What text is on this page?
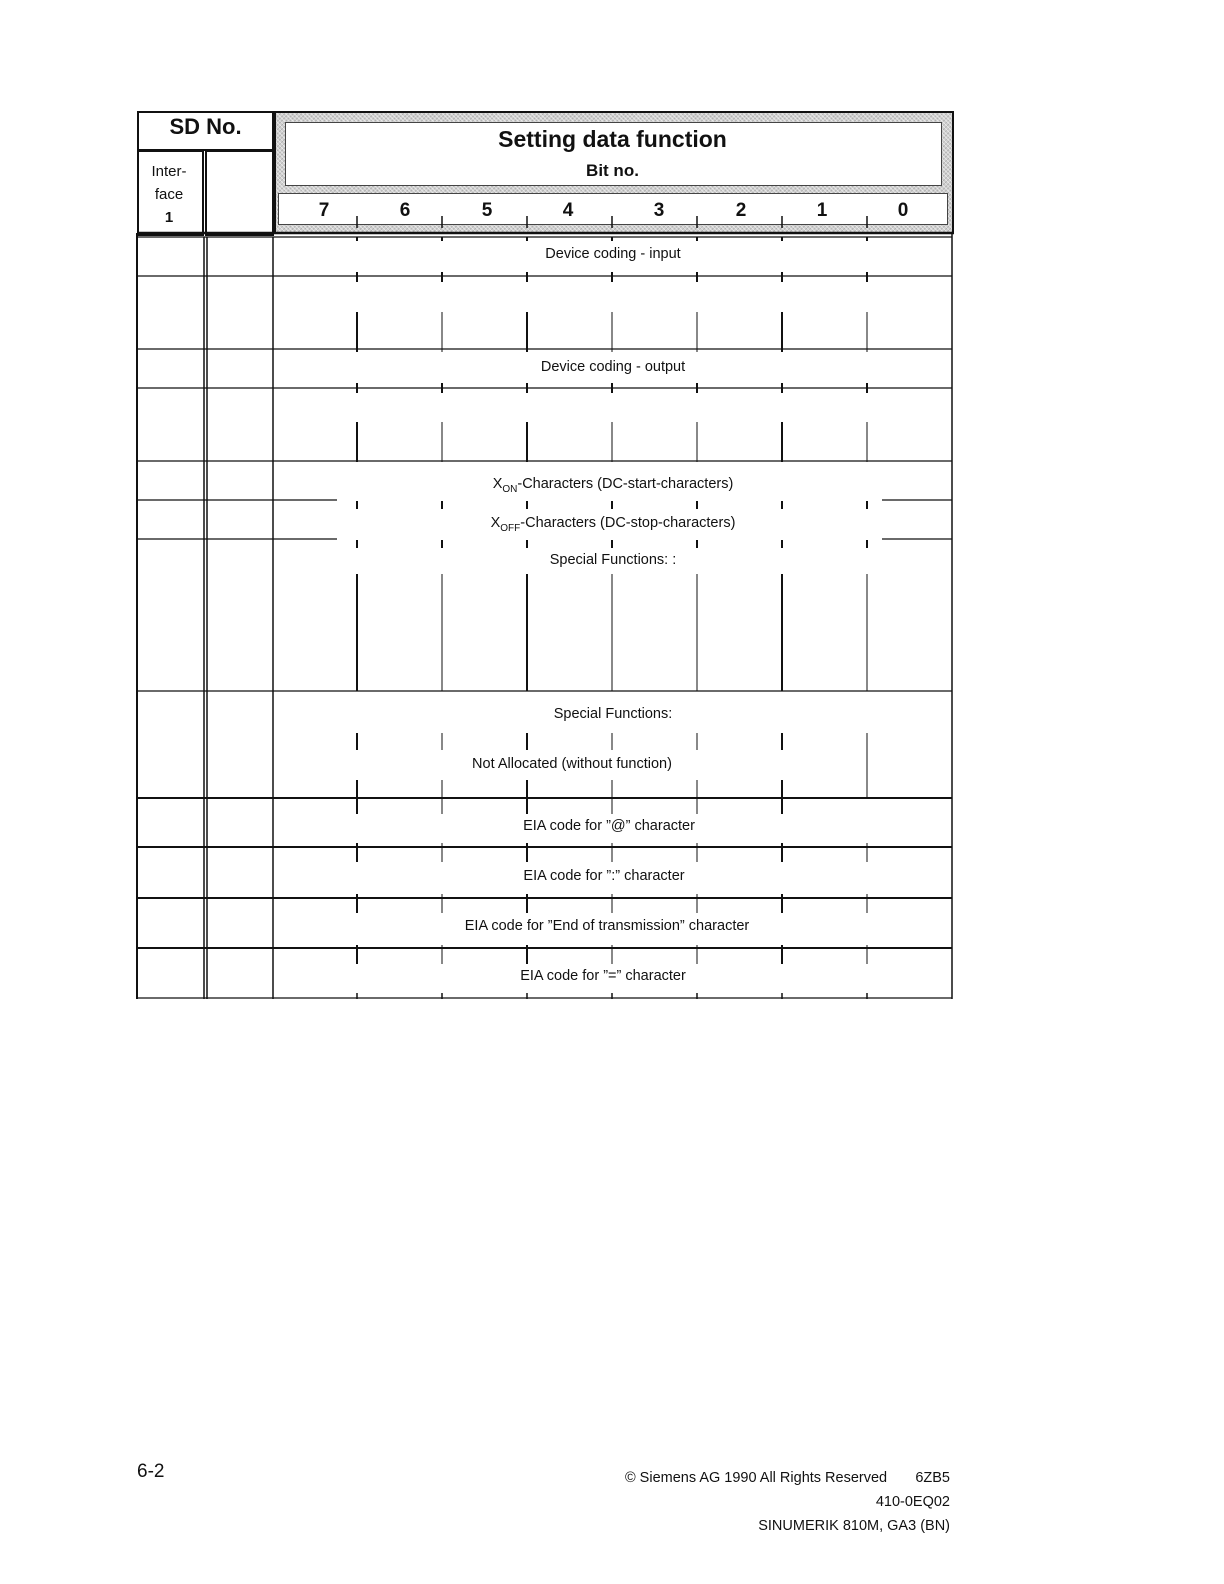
SD No.
Inter-
face
1
Setting data function
Bit no.
7	6	5	4	3	2	1	0
Device coding - input
Device coding - output
$X_{ON}$-Characters (DC-start-characters)
$X_{OFF}$-Characters (DC-stop-characters)
Special Functions: :
Special Functions:
Not Allocated (without function)
EIA code for ”@” character
EIA code for ”:” character
EIA code for ”End of transmission” character
EIA code for ”=” character
6-2	© Siemens AG 1990 All Rights Reserved 6ZB5 410-0EQ02
SINUMERIK 810M, GA3 (BN)
